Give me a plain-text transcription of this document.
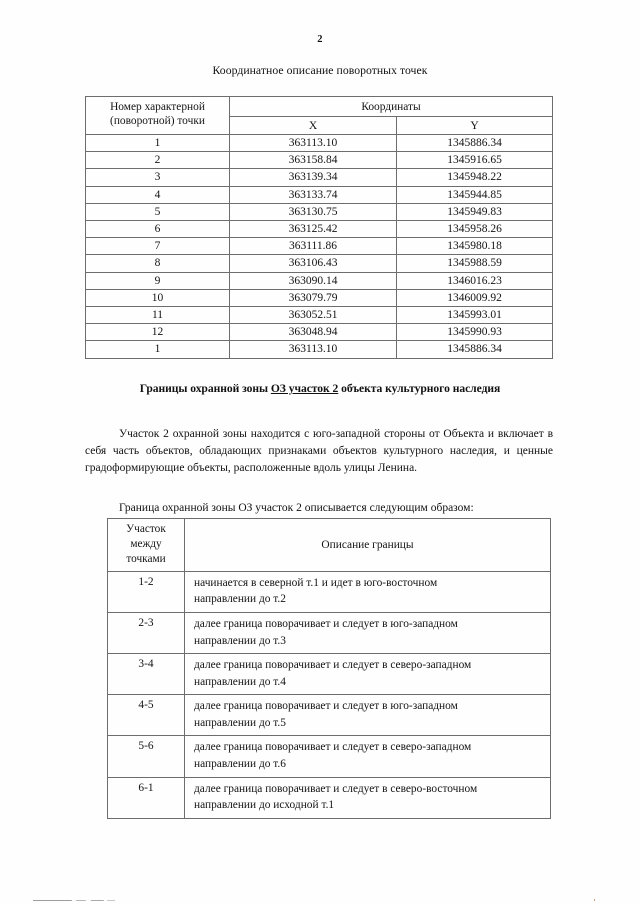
2
Координатное описание поворотных точек
Номер характерной (поворотной) точки	Координаты	
	X	Y
1	363113.10	1345886.34
2	363158.84	1345916.65
3	363139.34	1345948.22
4	363133.74	1345944.85
5	363130.75	1345949.83
6	363125.42	1345958.26
7	363111.86	1345980.18
8	363106.43	1345988.59
9	363090.14	1346016.23
10	363079.79	1346009.92
11	363052.51	1345993.01
12	363048.94	1345990.93
1	363113.10	1345886.34
Границы охранной зоны ОЗ участок 2 объекта культурного наследия

Участок 2 охранной зоны находится с юго-западной стороны от Объекта и включает в себя часть объектов, обладающих признаками объектов культурного наследия, и ценные градоформирующие объекты, расположенные вдоль улицы Ленина.

Граница охранной зоны ОЗ участок 2 описывается следующим образом:

Участок между точками	Описание границы
1-2	начинается в северной т.1 и идет в юго-восточном
направлении до т.2

2-3	далее граница поворачивает и следует в юго-западном
направлении до т.3

3-4	далее граница поворачивает и следует в северо-западном
направлении до т.4

4-5	далее граница поворачивает и следует в юго-западном
направлении до т.5

5-6	далее граница поворачивает и следует в северо-западном
направлении до т.6

6-1	далее граница поворачивает и следует в северо-восточном
направлении до исходной т.1
